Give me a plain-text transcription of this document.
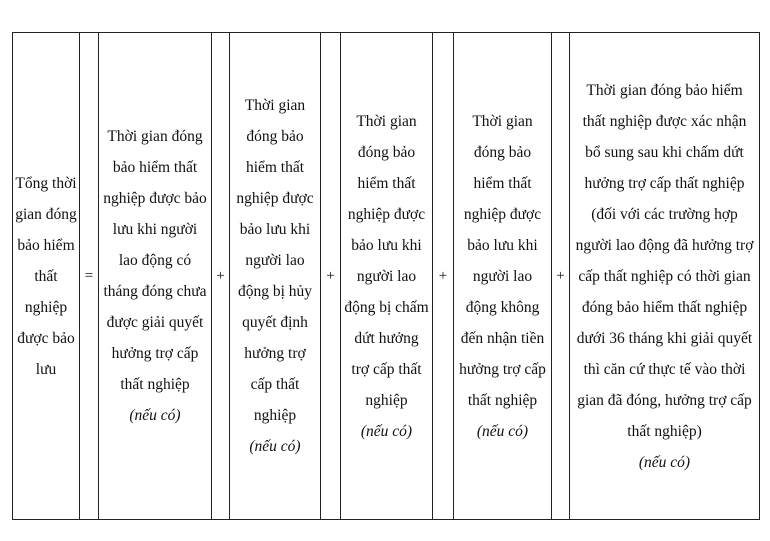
Tổng thời gian đóng bảo hiểm thất nghiệp được bảo lưu
	=	
Thời gian đóng bảo hiểm thất nghiệp được bảo lưu khi người lao động có tháng đóng chưa được giải quyết hưởng trợ cấp thất nghiệp
(nếu có)
	+	
Thời gian đóng bảo hiểm thất nghiệp được bảo lưu khi người lao động bị hủy quyết định hưởng trợ cấp thất nghiệp
(nếu có)
	+	
Thời gian đóng bảo hiểm thất nghiệp được bảo lưu khi người lao động bị chấm dứt hưởng trợ cấp thất nghiệp
(nếu có)
	+	
Thời gian đóng bảo hiểm thất nghiệp được bảo lưu khi người lao động không đến nhận tiền hưởng trợ cấp thất nghiệp
(nếu có)
	+	
Thời gian đóng bảo hiểm thất nghiệp được xác nhận bổ sung sau khi chấm dứt hưởng trợ cấp thất nghiệp (đối với các trường hợp người lao động đã hưởng trợ cấp thất nghiệp có thời gian đóng bảo hiểm thất nghiệp dưới 36 tháng khi giải quyết thì căn cứ thực tế vào thời gian đã đóng, hưởng trợ cấp thất nghiệp)
(nếu có)
